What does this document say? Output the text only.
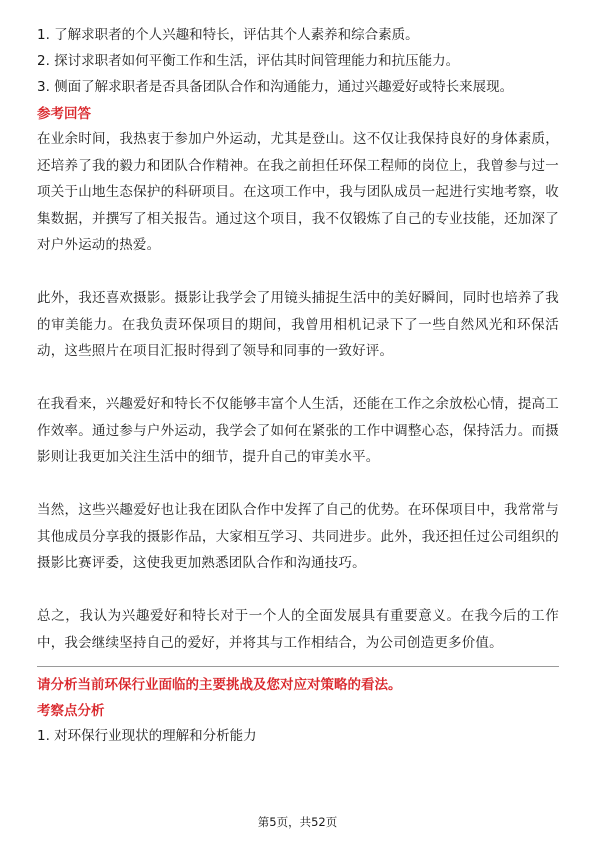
1. 了解求职者的个人兴趣和特长，评估其个人素养和综合素质。

2. 探讨求职者如何平衡工作和生活，评估其时间管理能力和抗压能力。

3. 侧面了解求职者是否具备团队合作和沟通能力，通过兴趣爱好或特长来展现。

参考回答

在业余时间，我热衷于参加户外运动，尤其是登山。这不仅让我保持良好的身体素质，还培养了我的毅力和团队合作精神。在我之前担任环保工程师的岗位上，我曾参与过一项关于山地生态保护的科研项目。在这项工作中，我与团队成员一起进行实地考察，收集数据，并撰写了相关报告。通过这个项目，我不仅锻炼了自己的专业技能，还加深了对户外运动的热爱。

此外，我还喜欢摄影。摄影让我学会了用镜头捕捉生活中的美好瞬间，同时也培养了我的审美能力。在我负责环保项目的期间，我曾用相机记录下了一些自然风光和环保活动，这些照片在项目汇报时得到了领导和同事的一致好评。

在我看来，兴趣爱好和特长不仅能够丰富个人生活，还能在工作之余放松心情，提高工作效率。通过参与户外运动，我学会了如何在紧张的工作中调整心态，保持活力。而摄影则让我更加关注生活中的细节，提升自己的审美水平。

当然，这些兴趣爱好也让我在团队合作中发挥了自己的优势。在环保项目中，我常常与其他成员分享我的摄影作品，大家相互学习、共同进步。此外，我还担任过公司组织的摄影比赛评委，这使我更加熟悉团队合作和沟通技巧。

总之，我认为兴趣爱好和特长对于一个人的全面发展具有重要意义。在我今后的工作中，我会继续坚持自己的爱好，并将其与工作相结合，为公司创造更多价值。

请分析当前环保行业面临的主要挑战及您对应对策略的看法。

考察点分析

1. 对环保行业现状的理解和分析能力

第5页，共52页
